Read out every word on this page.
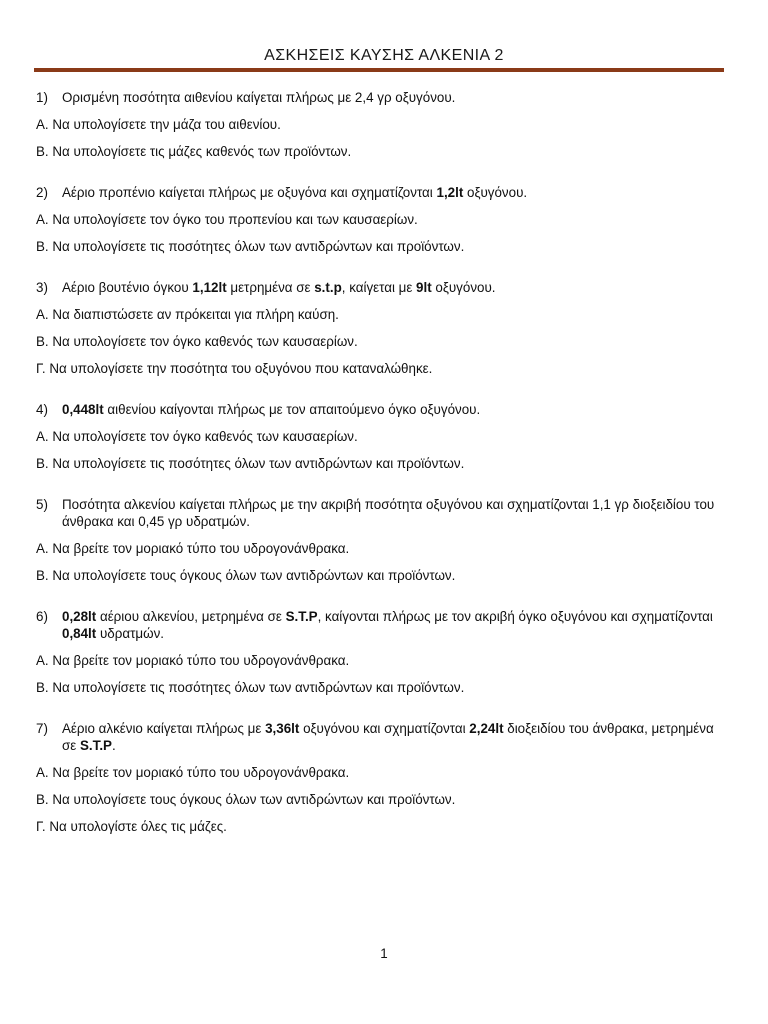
ΑΣΚΗΣΕΙΣ ΚΑΥΣΗΣ ΑΛΚΕΝΙΑ 2
1)	Ορισμένη ποσότητα αιθενίου καίγεται πλήρως με 2,4 γρ οξυγόνου.
Α. Να υπολογίσετε την μάζα του αιθενίου.
Β. Να υπολογίσετε τις μάζες καθενός των προϊόντων.
2)	Αέριο προπένιο καίγεται πλήρως με οξυγόνα και σχηματίζονται 1,2lt οξυγόνου.
Α. Να υπολογίσετε τον όγκο του προπενίου και των καυσαερίων.
Β. Να υπολογίσετε τις ποσότητες όλων των αντιδρώντων και προϊόντων.
3)	Αέριο βουτένιο όγκου 1,12lt μετρημένα σε s.t.p, καίγεται με 9lt οξυγόνου.
Α. Να διαπιστώσετε αν πρόκειται για πλήρη καύση.
Β. Να υπολογίσετε τον όγκο καθενός των καυσαερίων.
Γ. Να υπολογίσετε την ποσότητα του οξυγόνου που καταναλώθηκε.
4)	0,448lt αιθενίου καίγονται πλήρως με τον απαιτούμενο όγκο οξυγόνου.
Α. Να υπολογίσετε τον όγκο καθενός των καυσαερίων.
Β. Να υπολογίσετε τις ποσότητες όλων των αντιδρώντων και προϊόντων.
5)	Ποσότητα αλκενίου καίγεται πλήρως με την ακριβή ποσότητα οξυγόνου και σχηματίζονται 1,1 γρ διοξειδίου του άνθρακα και 0,45 γρ υδρατμών.
Α. Να βρείτε τον μοριακό τύπο του υδρογονάνθρακα.
Β. Να υπολογίσετε τους όγκους όλων των αντιδρώντων και προϊόντων.
6)	0,28lt αέριου αλκενίου, μετρημένα σε S.T.P, καίγονται πλήρως με τον ακριβή όγκο οξυγόνου και σχηματίζονται 0,84lt υδρατμών.
Α. Να βρείτε τον μοριακό τύπο του υδρογονάνθρακα.
Β. Να υπολογίσετε τις ποσότητες όλων των αντιδρώντων και προϊόντων.
7)	Αέριο αλκένιο καίγεται πλήρως με 3,36lt οξυγόνου και σχηματίζονται 2,24lt διοξειδίου του άνθρακα, μετρημένα σε S.T.P.
Α. Να βρείτε τον μοριακό τύπο του υδρογονάνθρακα.
Β. Να υπολογίσετε τους όγκους όλων των αντιδρώντων και προϊόντων.
Γ. Να υπολογίστε όλες τις μάζες.
1
